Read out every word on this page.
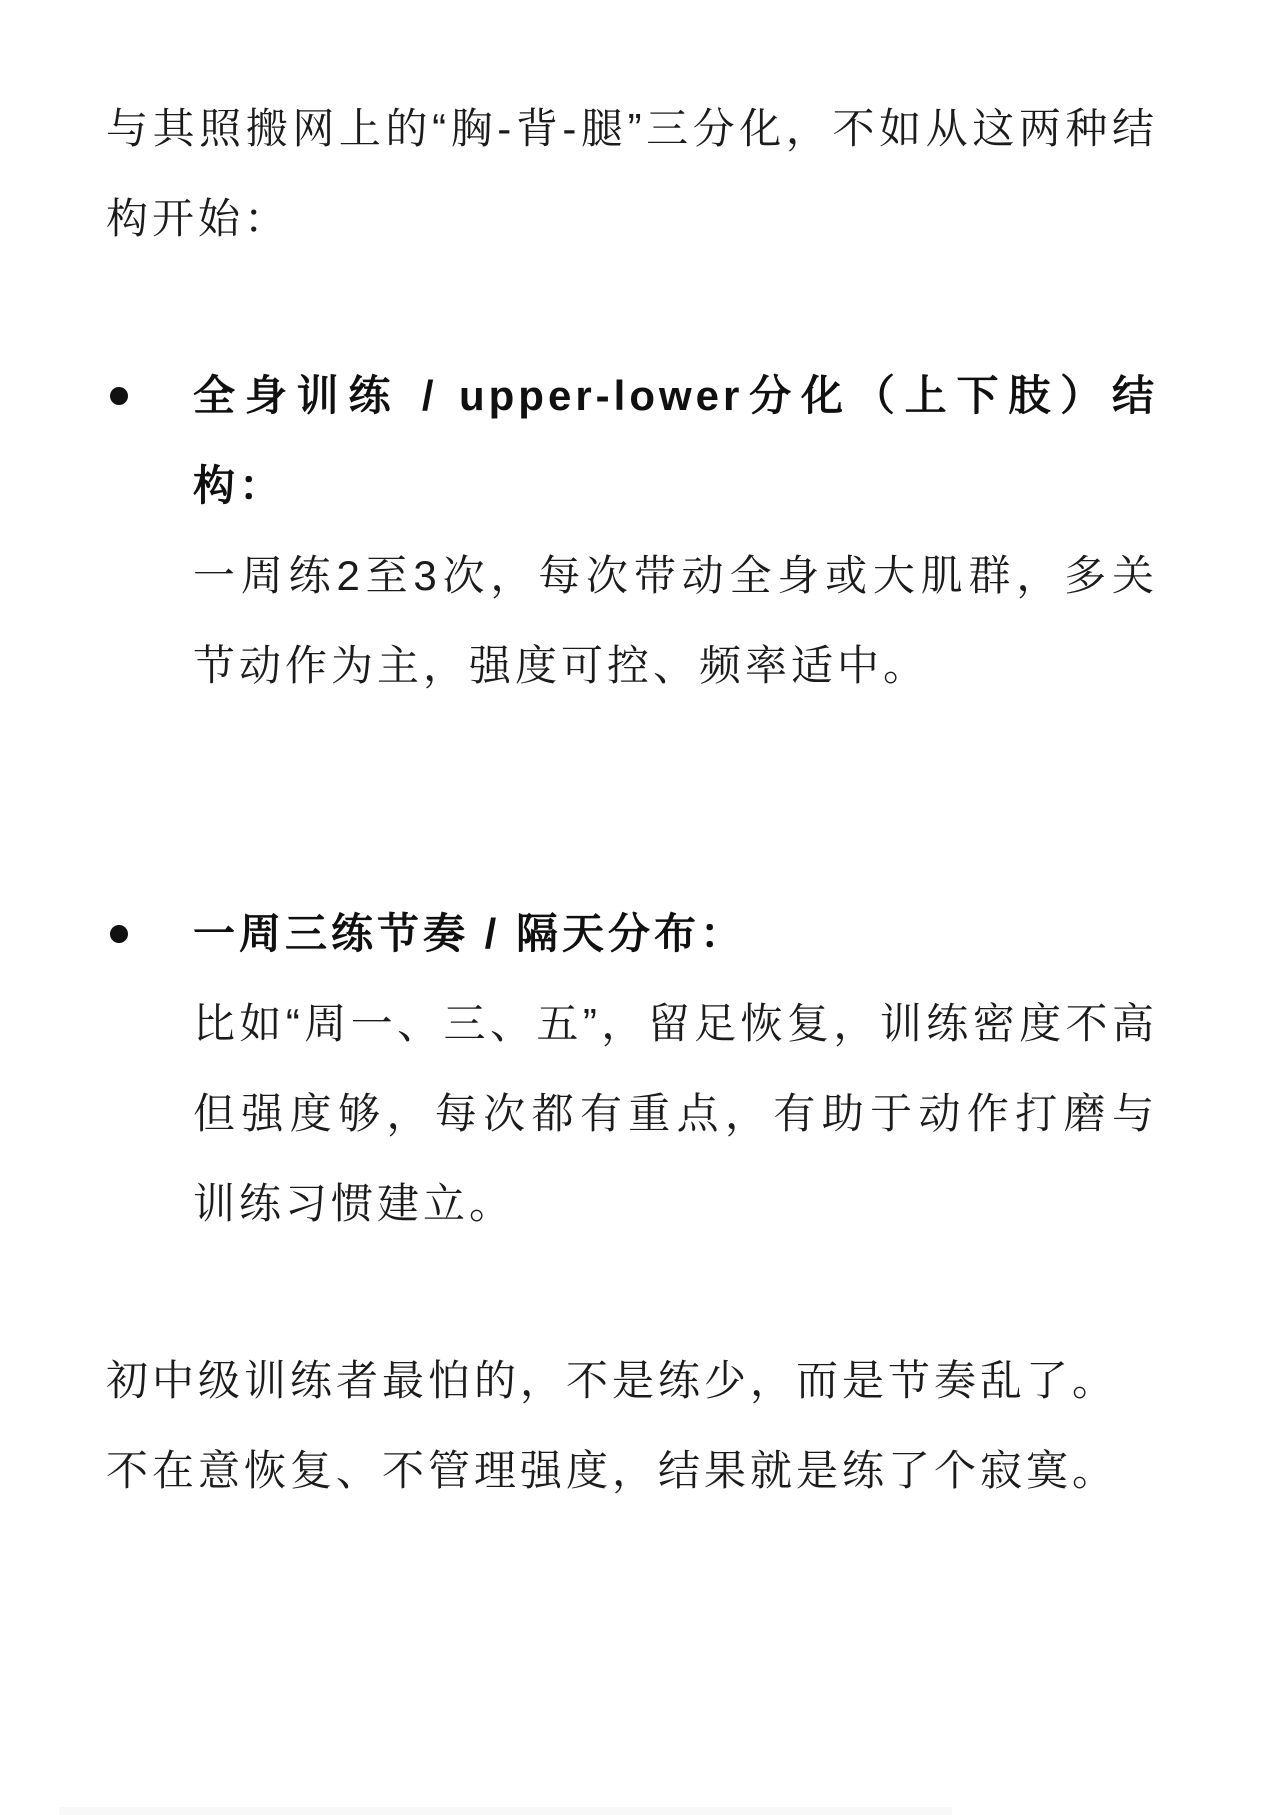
与其照搬网上的“胸-背-腿”三分化，不如从这两种结构开始：

全身训练 / upper-lower分化（上下肢）结构：

一周练2至3次，每次带动全身或大肌群，多关节动作为主，强度可控、频率适中。

一周三练节奏 / 隔天分布：

比如“周一、三、五”，留足恢复，训练密度不高但强度够，每次都有重点，有助于动作打磨与训练习惯建立。

初中级训练者最怕的，不是练少，而是节奏乱了。

不在意恢复、不管理强度，结果就是练了个寂寞。
